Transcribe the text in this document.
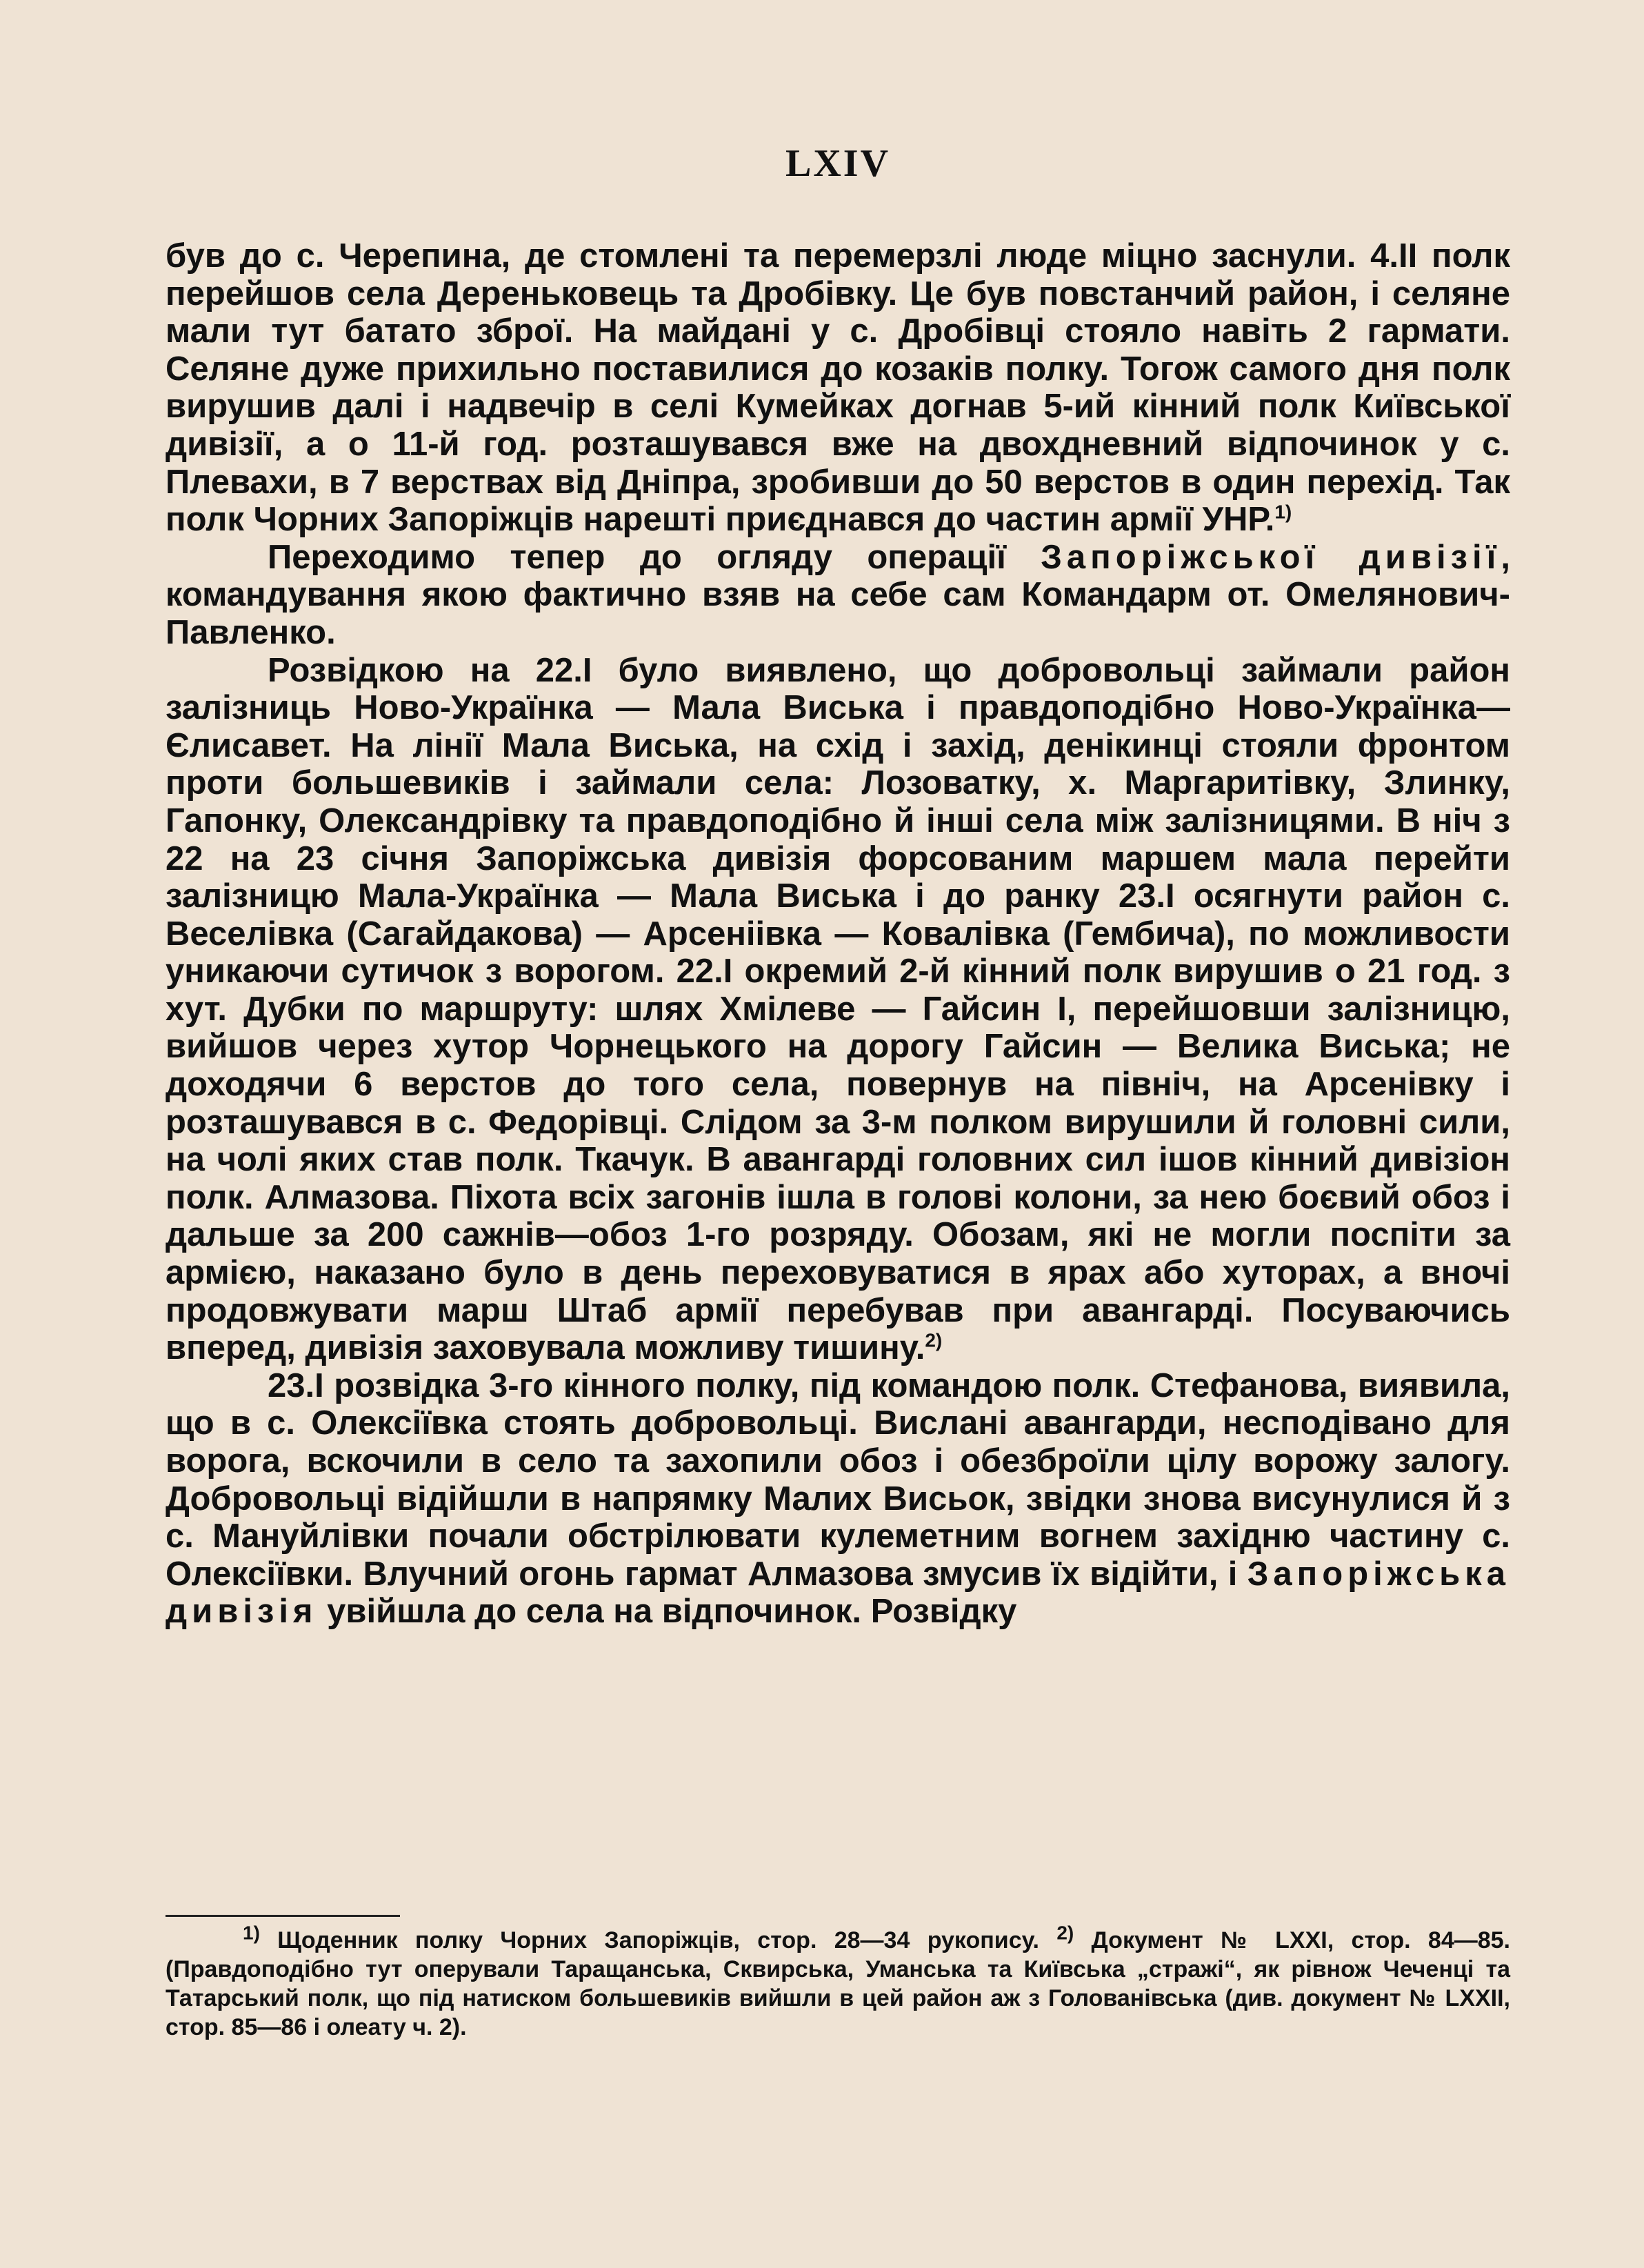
LXIV

був до с. Черепина, де стомлені та перемерзлі люде міцно заснули. 4.II полк перейшов села Дереньковець та Дробівку. Це був повстанчий район, і селяне мали тут батато зброї. На майдані у с. Дробівці стояло навіть 2 гармати. Селяне дуже прихильно поставилися до козаків полку. Тогож самого дня полк вирушив далі і надвечір в селі Кумейках догнав 5-ий кінний полк Київської дивізії, а о 11-й год. розташувався вже на двохдневний відпочинок у с. Плевахи, в 7 верствах від Дніпра, зробивши до 50 верстов в один перехід. Так полк Чорних Запоріжців нарешті приєднався до частин армії УНР.$^{1)}$

Переходимо тепер до огляду операції Запоріжської дивізії, командування якою фактично взяв на себе сам Командарм от. Омелянович-Павленко.

Розвідкою на 22.I було виявлено, що добровольці займали район залізниць Ново-Українка — Мала Виська і правдоподібно Ново-Українка—Єлисавет. На лінії Мала Виська, на схід і захід, денікинці стояли фронтом проти большевиків і займали села: Лозоватку, х. Маргаритівку, Злинку, Гапонку, Олександрівку та правдоподібно й інші села між залізницями. В ніч з 22 на 23 січня Запоріжська дивізія форсованим маршем мала перейти залізницю Мала-Українка — Мала Виська і до ранку 23.I осягнути район с. Веселівка (Сагайдакова) — Арсеніівка — Ковалівка (Гембича), по можливости уникаючи сутичок з ворогом. 22.I окремий 2-й кінний полк вирушив о 21 год. з хут. Дубки по маршруту: шлях Хмілеве — Гайсин I, перейшовши залізницю, вийшов через хутор Чорнецького на дорогу Гайсин — Велика Виська; не доходячи 6 верстов до того села, повернув на північ, на Арсенівку і розташувався в с. Федорівці. Слідом за 3-м полком вирушили й головні сили, на чолі яких став полк. Ткачук. В авангарді головних сил ішов кінний дивізіон полк. Алмазова. Піхота всіх загонів ішла в голові колони, за нею боєвий обоз і дальше за 200 сажнів—обоз 1-го розряду. Обозам, які не могли поспіти за армією, наказано було в день переховуватися в ярах або хуторах, а вночі продовжувати марш Штаб армії перебував при авангарді. Посуваючись вперед, дивізія заховувала можливу тишину.$^{2)}$

23.I розвідка 3-го кінного полку, під командою полк. Стефанова, виявила, що в с. Олексіївка стоять добровольці. Вислані авангарди, несподівано для ворога, вскочили в село та захопили обоз і обезброїли цілу ворожу залогу. Добровольці відійшли в напрямку Малих Висьок, звідки знова висунулися й з с. Мануйлівки почали обстрілювати кулеметним вогнем західню частину с. Олексіївки. Влучний огонь гармат Алмазова змусив їх відійти, і Запоріжська дивізія увійшла до села на відпочинок. Розвідку

$^{1)}$ Щоденник полку Чорних Запоріжців, стор. 28—34 рукопису. $^{2)}$ Документ № LXXI, стор. 84—85. (Правдоподібно тут оперували Таращанська, Сквирська, Уманська та Київська „стражі“, як рівнож Чеченці та Татарський полк, що під натиском большевиків вийшли в цей район аж з Голованівська (див. документ № LXXII, стор. 85—86 і олеату ч. 2).
